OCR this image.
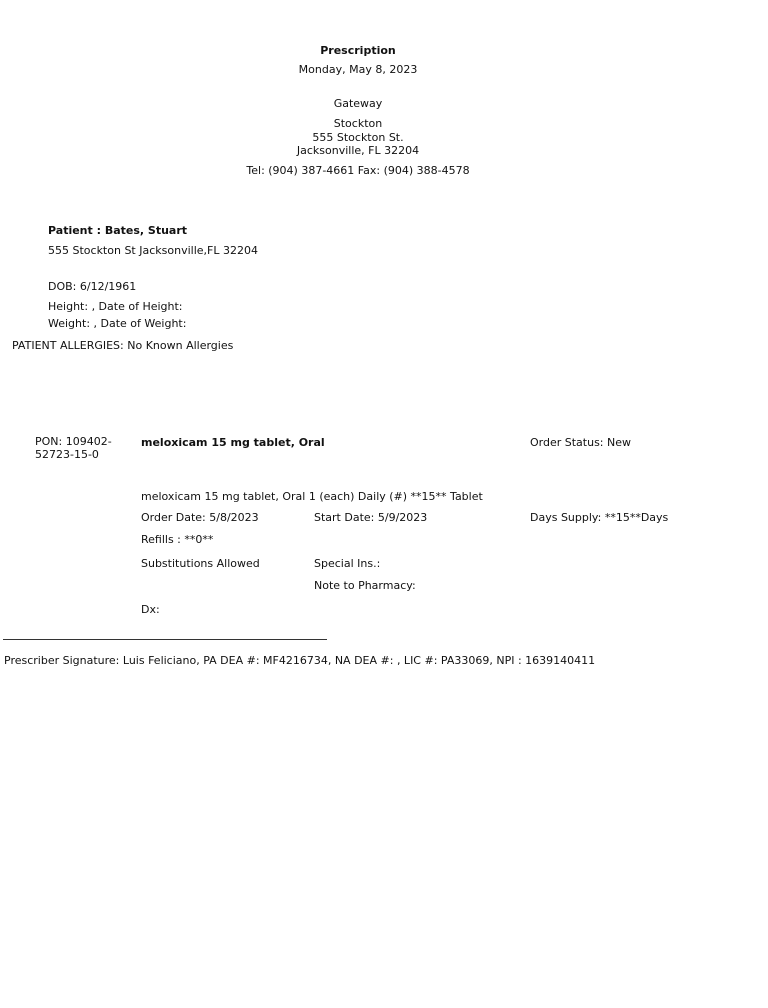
Prescription
Monday, May 8, 2023
Gateway
Stockton
555 Stockton St.
Jacksonville, FL 32204
Tel: (904) 387-4661 Fax: (904) 388-4578
Patient : Bates, Stuart
555 Stockton St Jacksonville,FL 32204
DOB: 6/12/1961
Height: , Date of Height:
Weight: , Date of Weight:
PATIENT ALLERGIES: No Known Allergies
PON: 109402-
52723-15-0
meloxicam 15 mg tablet, Oral	Order Status: New
meloxicam 15 mg tablet, Oral 1 (each) Daily (#) **15** Tablet
Order Date: 5/8/2023	Start Date: 5/9/2023	Days Supply: **15**Days
Refills : **0**
Substitutions Allowed	Special Ins.:
Note to Pharmacy:
Dx:
Prescriber Signature: Luis Feliciano, PA DEA #: MF4216734, NA DEA #: , LIC #: PA33069, NPI : 1639140411
